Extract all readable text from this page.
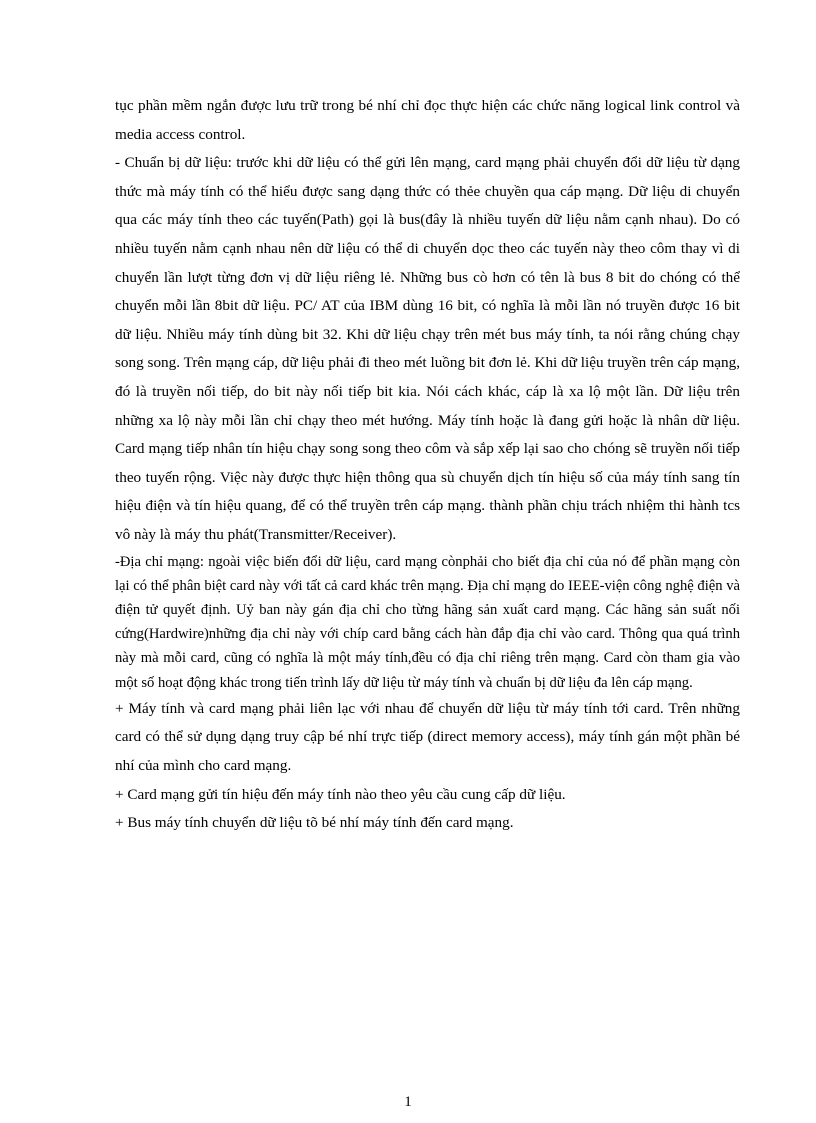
tục phần mềm ngắn được lưu trữ trong bé nhí chỉ đọc thực hiện các chức năng logical link control và media access control.

- Chuẩn bị dữ liệu: trước khi dữ liệu có thể gửi lên mạng, card mạng phải chuyển đổi dữ liệu từ dạng thức mà máy tính có thể hiểu được sang dạng thức có thẻe chuyền qua cáp mạng. Dữ liệu di chuyển qua các máy tính theo các tuyến(Path) gọi là bus(đây là nhiều tuyến dữ liệu nằm cạnh nhau). Do có nhiều tuyến nằm cạnh nhau nên dữ liệu có thể di chuyển dọc theo các tuyến này theo côm thay vì di chuyển lần lượt từng đơn vị dữ liệu riêng lẻ. Những bus cò hơn có tên là bus 8 bit do chóng có thể chuyển mỗi lần 8bit dữ liệu. PC/ AT của IBM dùng 16 bit, có nghĩa là mỗi lần nó truyền được 16 bit dữ liệu. Nhiều máy tính dùng bit 32. Khi dữ liệu chạy trên mét bus máy tính, ta nói rằng chúng chạy song song. Trên mạng cáp, dữ liệu phải đi theo mét luồng bit đơn lẻ. Khi dữ liệu truyền trên cáp mạng, đó là truyền nối tiếp, do bit này nối tiếp bit kia. Nói cách khác, cáp là xa lộ một lần. Dữ liệu trên những xa lộ này mỗi lần chỉ chạy theo mét hướng. Máy tính hoặc là đang gửi hoặc là nhân dữ liệu. Card mạng tiếp nhân tín hiệu chạy song song theo côm và sắp xếp lại sao cho chóng sẽ truyền nối tiếp theo tuyến rộng. Việc này được thực hiện thông qua sù chuyển dịch tín hiệu số của máy tính sang tín hiệu điện và tín hiệu quang, để có thể truyền trên cáp mạng. thành phần chịu trách nhiệm thi hành tcs vô này là máy thu phát(Transmitter/Receiver).

-Địa chỉ mạng: ngoài việc biến đổi dữ liệu, card mạng cònphải cho biết địa chỉ của nó để phần mạng còn lại có thể phân biệt card này với tất cả card khác trên mạng. Địa chỉ mạng do IEEE-viện công nghệ điện và điện tử quyết định. Uỷ ban này gán địa chỉ cho từng hãng sản xuất card mạng. Các hãng sản suất nối cứng(Hardwire)những địa chỉ này với chíp card bằng cách hàn đắp địa chỉ vào card. Thông qua quá trình này mà mỗi card, cũng có nghĩa là một máy tính,đều có địa chỉ riêng trên mạng. Card còn tham gia vào một số hoạt động khác trong tiến trình lấy dữ liệu từ máy tính và chuẩn bị dữ liệu đa lên cáp mạng.

+ Máy tính và card mạng phải liên lạc với nhau để chuyển dữ liệu từ máy tính tới card. Trên những card có thể sử dụng dạng truy cập bé nhí trực tiếp (direct memory access), máy tính gán một phần bé nhí của mình cho card mạng.

+ Card mạng gửi tín hiệu đến máy tính nào theo yêu cầu cung cấp dữ liệu.

+ Bus máy tính chuyển dữ liệu tõ bé nhí máy tính đến card mạng.

1
